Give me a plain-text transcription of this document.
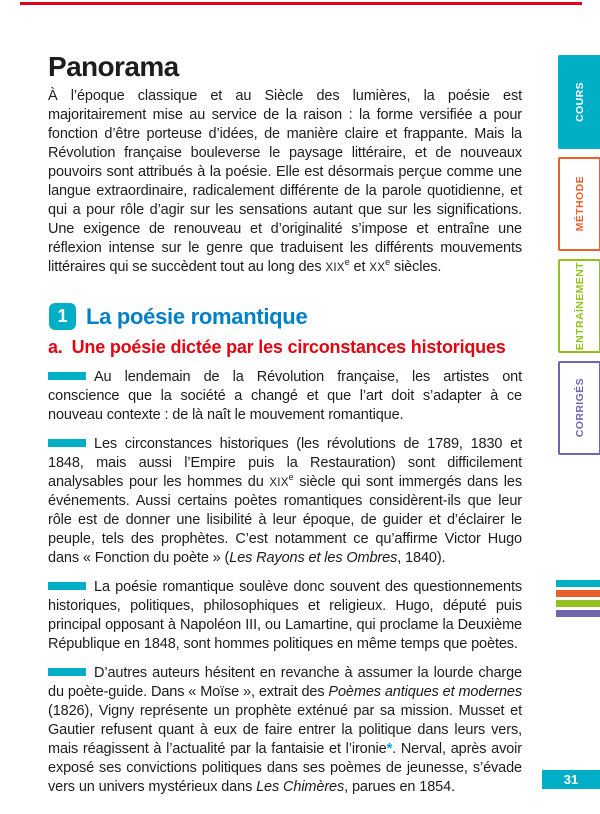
Panorama

À l’époque classique et au Siècle des lumières, la poésie est majoritairement mise au service de la raison : la forme versifiée a pour fonction d’être porteuse d’idées, de manière claire et frappante. Mais la Révolution française bouleverse le paysage littéraire, et de nouveaux pouvoirs sont attribués à la poésie. Elle est désormais perçue comme une langue extraordinaire, radicalement différente de la parole quotidienne, et qui a pour rôle d’agir sur les sensations autant que sur les significations. Une exigence de renouveau et d’originalité s’impose et entraîne une réflexion intense sur le genre que traduisent les différents mouvements littéraires qui se succèdent tout au long des XIXe et XXe siècles.

1 La poésie romantique
a. Une poésie dictée par les circonstances historiques

Au lendemain de la Révolution française, les artistes ont conscience que la société a changé et que l’art doit s’adapter à ce nouveau contexte : de là naît le mouvement romantique.

Les circonstances historiques (les révolutions de 1789, 1830 et 1848, mais aussi l’Empire puis la Restauration) sont difficilement analysables pour les hommes du XIXe siècle qui sont immergés dans les événements. Aussi certains poètes romantiques considèrent-ils que leur rôle est de donner une lisibilité à leur époque, de guider et d’éclairer le peuple, tels des prophètes. C’est notamment ce qu’affirme Victor Hugo dans « Fonction du poète » (Les Rayons et les Ombres, 1840).

La poésie romantique soulève donc souvent des questionnements historiques, politiques, philosophiques et religieux. Hugo, député puis principal opposant à Napoléon III, ou Lamartine, qui proclame la Deuxième République en 1848, sont hommes politiques en même temps que poètes.

D’autres auteurs hésitent en revanche à assumer la lourde charge du poète-guide. Dans « Moïse », extrait des Poèmes antiques et modernes (1826), Vigny représente un prophète exténué par sa mission. Musset et Gautier refusent quant à eux de faire entrer la politique dans leurs vers, mais réagissent à l’actualité par la fantaisie et l’ironie*. Nerval, après avoir exposé ses convictions politiques dans ses poèmes de jeunesse, s’évade vers un univers mystérieux dans Les Chimères, parues en 1854.

COURS
MÉTHODE
ENTRAÎNEMENT
CORRIGÉS
31
